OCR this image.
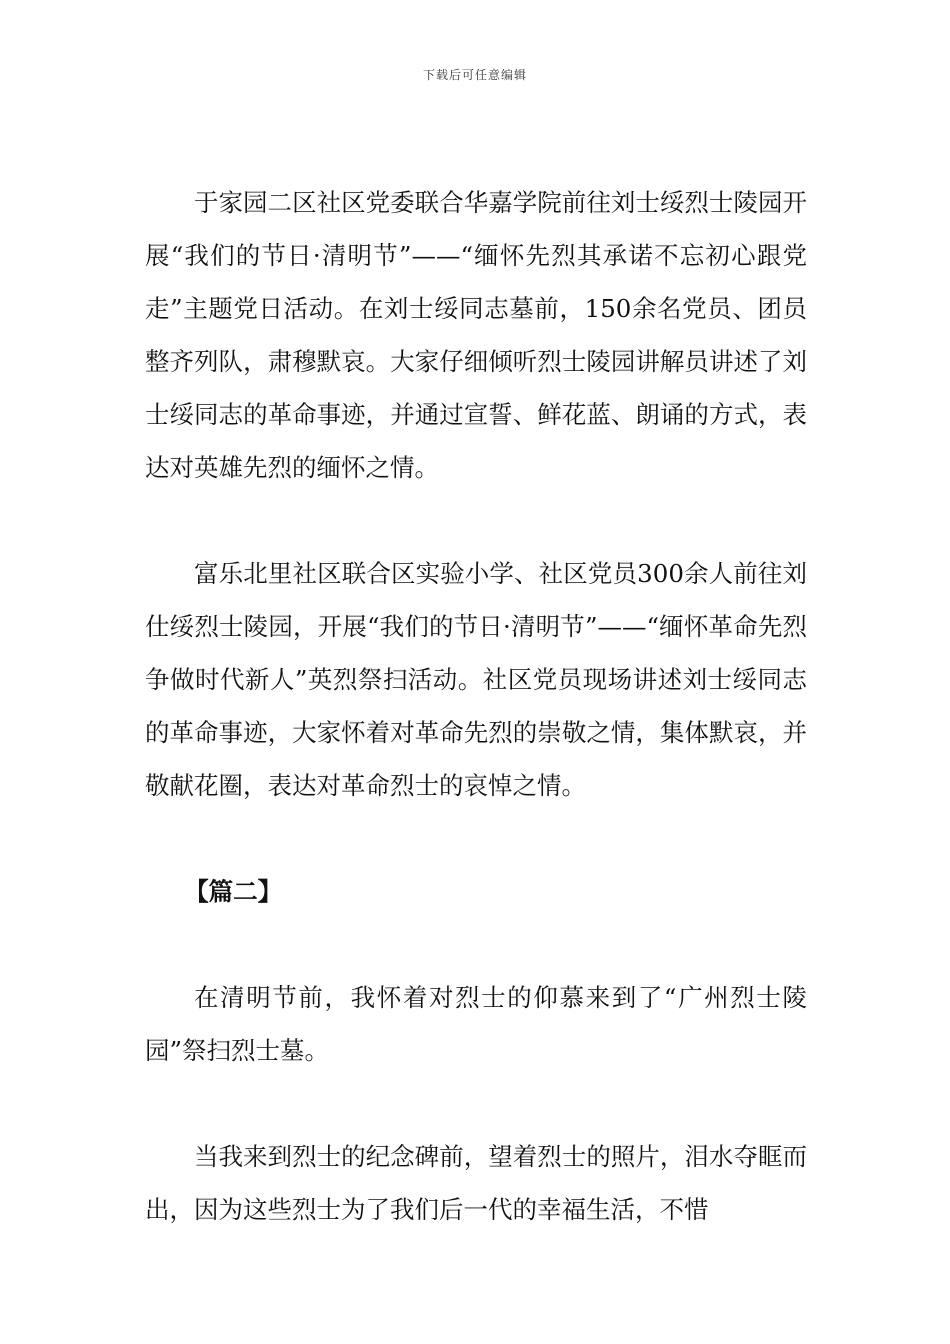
下载后可任意编辑

于家园二区社区党委联合华嘉学院前往刘士绥烈士陵园开展“我们的节日·清明节”——“缅怀先烈其承诺不忘初心跟党走”主题党日活动。在刘士绥同志墓前，150余名党员、团员整齐列队，肃穆默哀。大家仔细倾听烈士陵园讲解员讲述了刘士绥同志的革命事迹，并通过宣誓、鲜花蓝、朗诵的方式，表达对英雄先烈的缅怀之情。

富乐北里社区联合区实验小学、社区党员300余人前往刘仕绥烈士陵园，开展“我们的节日·清明节”——“缅怀革命先烈争做时代新人”英烈祭扫活动。社区党员现场讲述刘士绥同志的革命事迹，大家怀着对革命先烈的崇敬之情，集体默哀，并敬献花圈，表达对革命烈士的哀悼之情。

【篇二】

在清明节前，我怀着对烈士的仰慕来到了“广州烈士陵园”祭扫烈士墓。

当我来到烈士的纪念碑前，望着烈士的照片，泪水夺眶而出，因为这些烈士为了我们后一代的幸福生活，不惜
